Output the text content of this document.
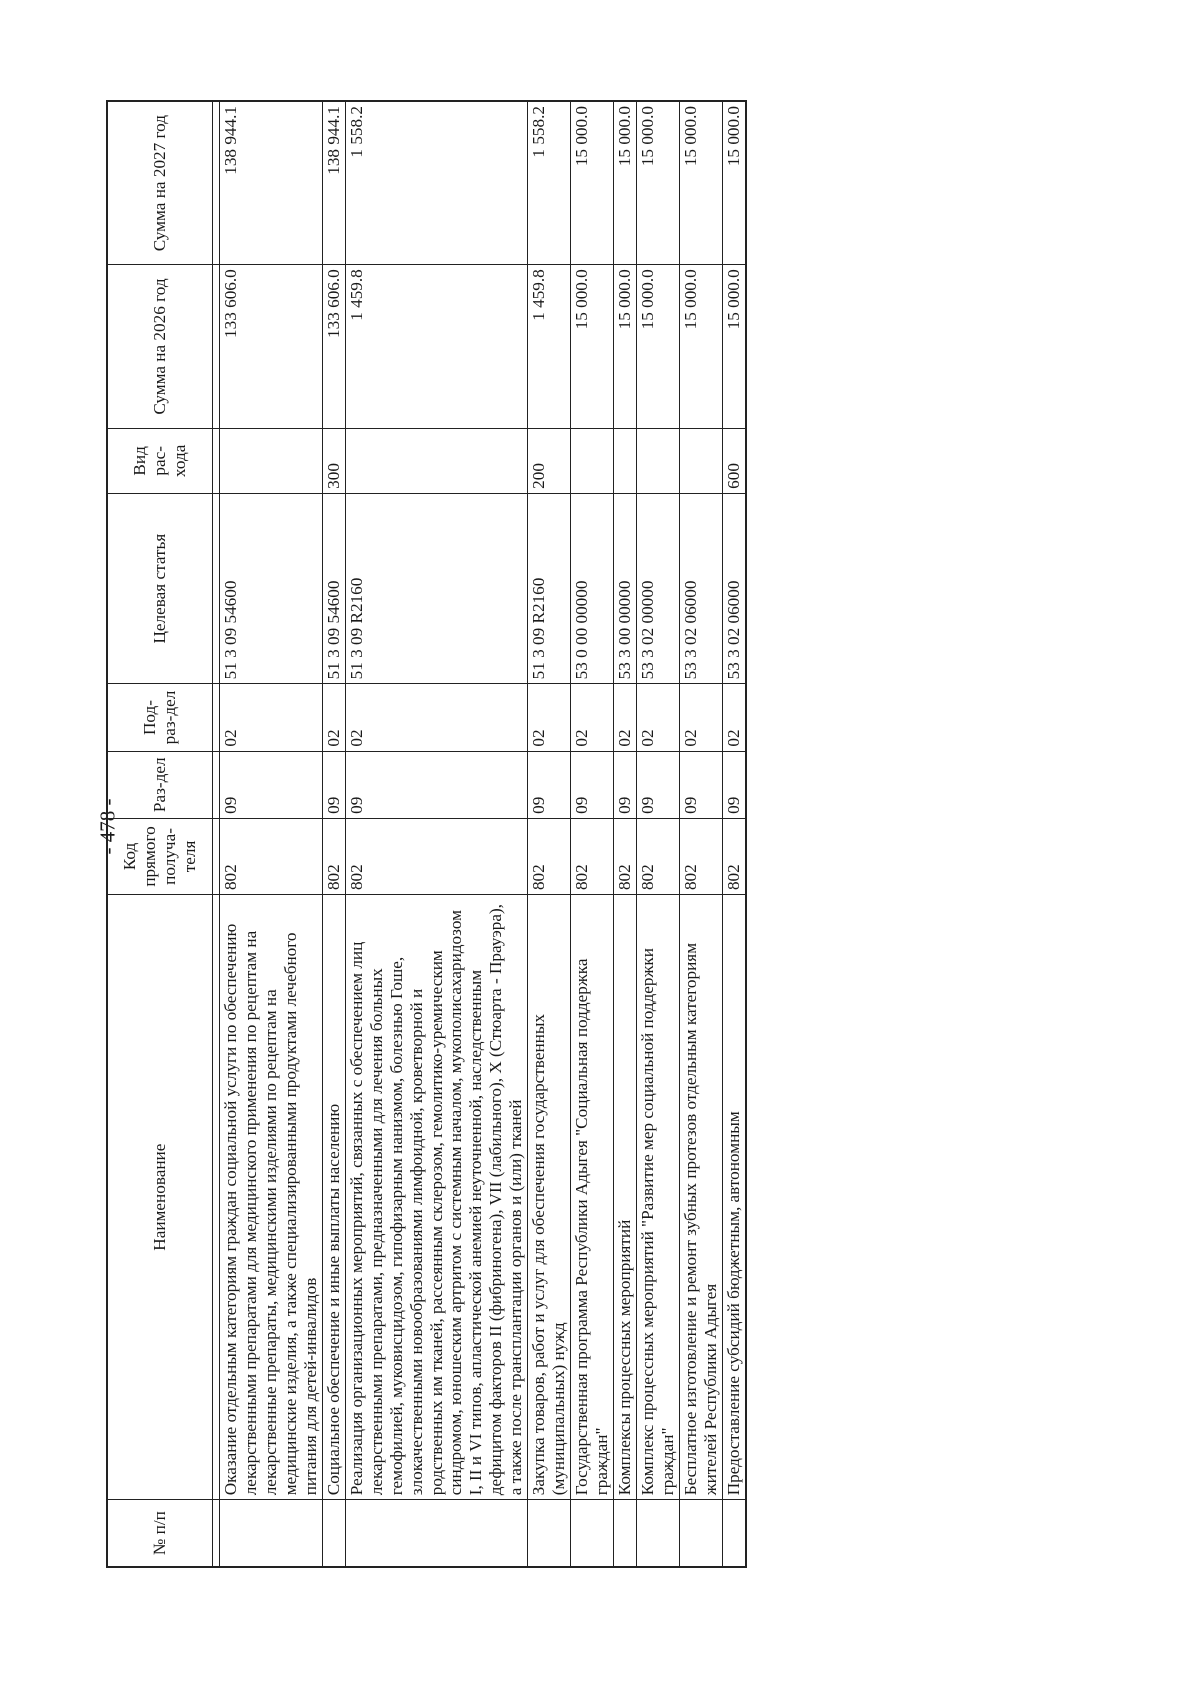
- 478 -
№ п/п	Наименование	Код прямого получа-теля	Раз-дел	Под-раз-дел	Целевая статья	Вид рас-хода	Сумма на 2026 год	Сумма на 2027 год

	Оказание отдельным категориям граждан социальной услуги по обеспечению лекарственными препаратами для медицинского применения по рецептам на лекарственные препараты, медицинскими изделиями по рецептам на медицинские изделия, а также специализированными продуктами лечебного питания для детей-инвалидов	802	09	02	51 3 09 54600		133 606.0	138 944.1
	Социальное обеспечение и иные выплаты населению	802	09	02	51 3 09 54600	300	133 606.0	138 944.1
	Реализация организационных мероприятий, связанных с обеспечением лиц лекарственными препаратами, предназначенными для лечения больных гемофилией, муковисцидозом, гипофизарным нанизмом, болезнью Гоше, злокачественными новообразованиями лимфоидной, кроветворной и родственных им тканей, рассеянным склерозом, гемолитико-уремическим синдромом, юношеским артритом с системным началом, мукополисахаридозом I, II и VI типов, апластической анемией неуточненной, наследственным дефицитом факторов II (фибриногена), VII (лабильного), X (Стюарта - Прауэра), а также после трансплантации органов и (или) тканей	802	09	02	51 3 09 R2160		1 459.8	1 558.2
	Закупка товаров, работ и услуг для обеспечения государственных (муниципальных) нужд	802	09	02	51 3 09 R2160	200	1 459.8	1 558.2
	Государственная программа Республики Адыгея "Социальная поддержка граждан"	802	09	02	53 0 00 00000		15 000.0	15 000.0
	Комплексы процессных мероприятий	802	09	02	53 3 00 00000		15 000.0	15 000.0
	Комплекс процессных мероприятий "Развитие мер социальной поддержки граждан"	802	09	02	53 3 02 00000		15 000.0	15 000.0
	Бесплатное изготовление и ремонт зубных протезов отдельным категориям жителей Республики Адыгея	802	09	02	53 3 02 06000		15 000.0	15 000.0
	Предоставление субсидий бюджетным, автономным	802	09	02	53 3 02 06000	600	15 000.0	15 000.0
